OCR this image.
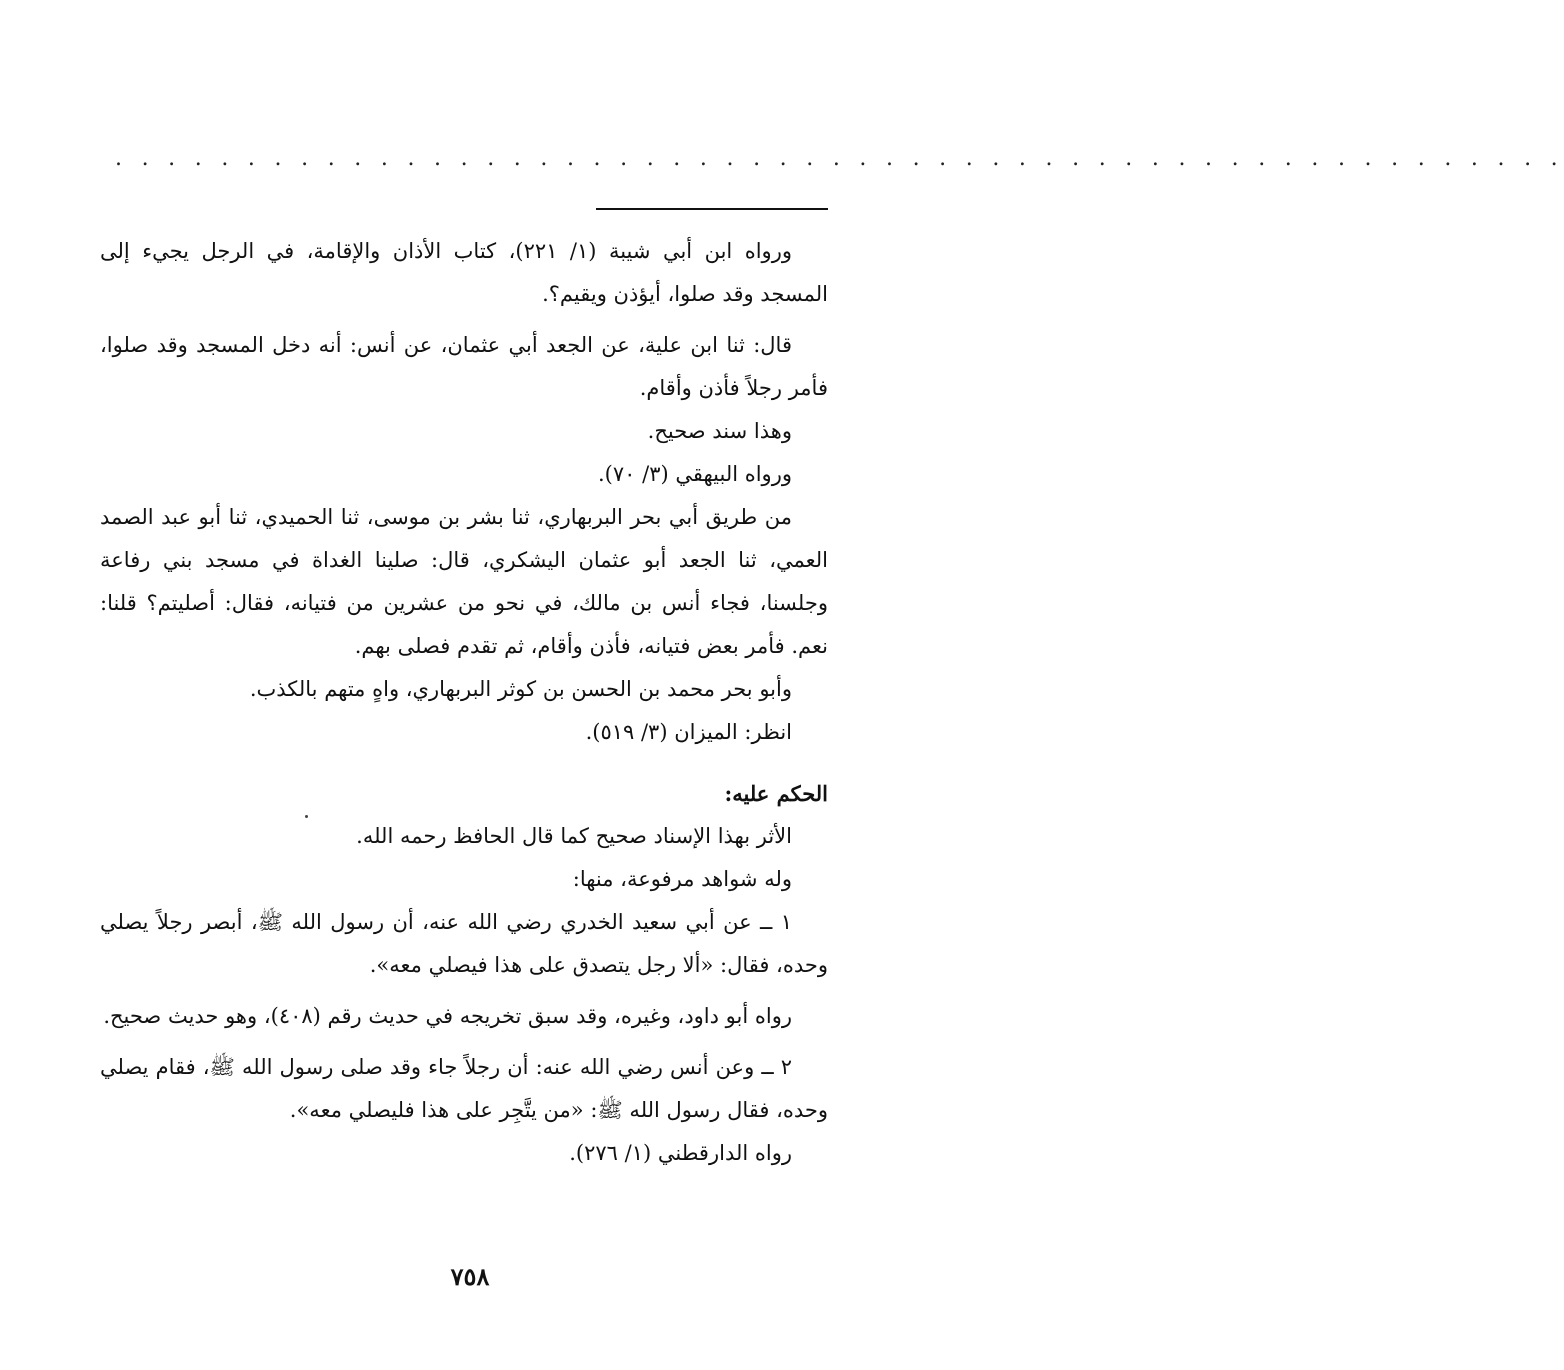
. . . . . . . . . . . . . . . . . . . . . . . . . . . . . . . . . . . . . . . . . . . . . . . . . . . . . . .

ورواه ابن أبي شيبة (١/ ٢٢١)، كتاب الأذان والإقامة، في الرجل يجيء إلى المسجد وقد صلوا، أيؤذن ويقيم؟.

قال: ثنا ابن علية، عن الجعد أبي عثمان، عن أنس: أنه دخل المسجد وقد صلوا، فأمر رجلاً فأذن وأقام.

وهذا سند صحيح.

ورواه البيهقي (٣/ ٧٠).

من طريق أبي بحر البربهاري، ثنا بشر بن موسى، ثنا الحميدي، ثنا أبو عبد الصمد العمي، ثنا الجعد أبو عثمان اليشكري، قال: صلينا الغداة في مسجد بني رفاعة وجلسنا، فجاء أنس بن مالك، في نحو من عشرين من فتيانه، فقال: أصليتم؟ قلنا: نعم. فأمر بعض فتيانه، فأذن وأقام، ثم تقدم فصلى بهم.

وأبو بحر محمد بن الحسن بن كوثر البربهاري، واهٍ متهم بالكذب.

انظر: الميزان (٣/ ٥١٩).

الحكم عليه:

الأثر بهذا الإسناد صحيح كما قال الحافظ رحمه الله.

وله شواهد مرفوعة، منها:

١ ــ عن أبي سعيد الخدري رضي الله عنه، أن رسول الله ﷺ، أبصر رجلاً يصلي وحده، فقال: «ألا رجل يتصدق على هذا فيصلي معه».

رواه أبو داود، وغيره، وقد سبق تخريجه في حديث رقم (٤٠٨)، وهو حديث صحيح.

٢ ــ وعن أنس رضي الله عنه: أن رجلاً جاء وقد صلى رسول الله ﷺ، فقام يصلي وحده، فقال رسول الله ﷺ: «من يتَّجِر على هذا فليصلي معه».

رواه الدارقطني (١/ ٢٧٦).

٧٥٨
